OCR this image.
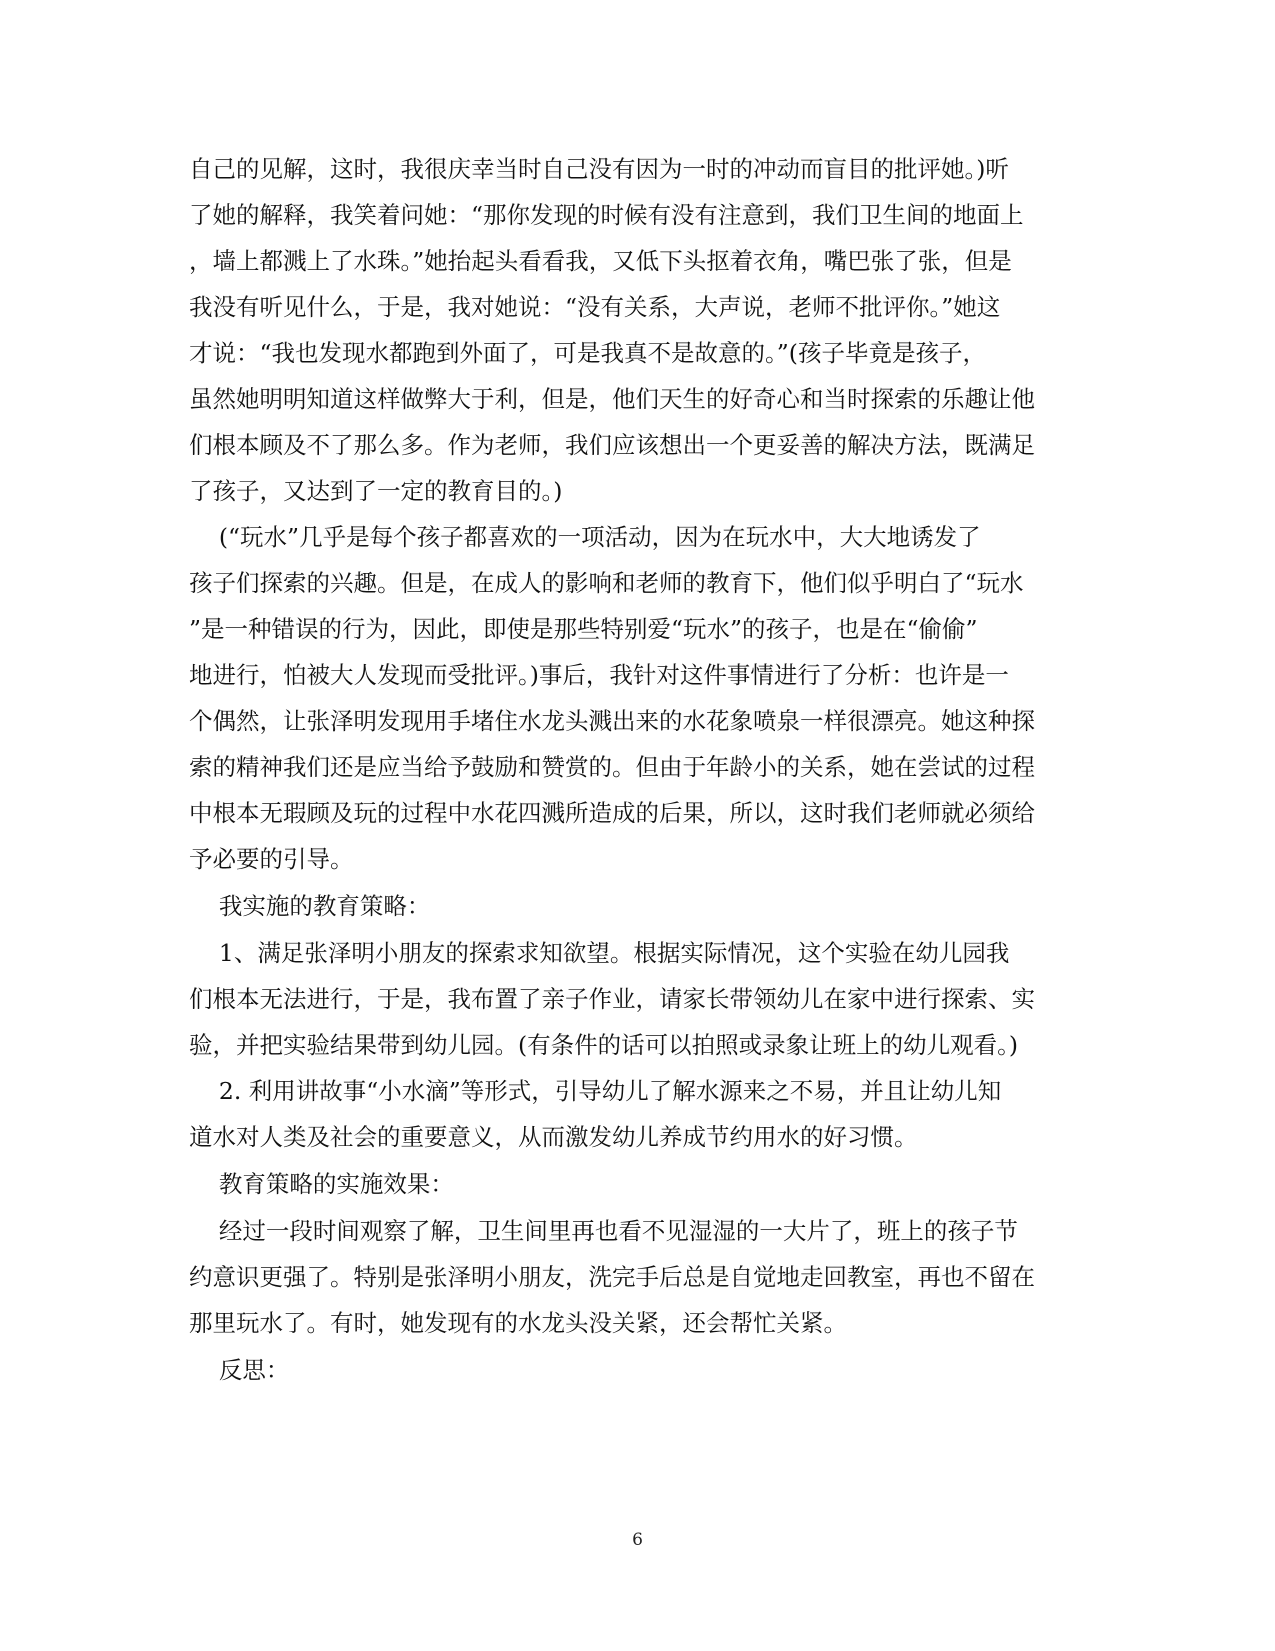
自己的见解，这时，我很庆幸当时自己没有因为一时的冲动而盲目的批评她。)听
了她的解释，我笑着问她：“那你发现的时候有没有注意到，我们卫生间的地面上
，墙上都溅上了水珠。”她抬起头看看我，又低下头抠着衣角，嘴巴张了张，但是
我没有听见什么，于是，我对她说：“没有关系，大声说，老师不批评你。”她这
才说：“我也发现水都跑到外面了，可是我真不是故意的。”(孩子毕竟是孩子，
虽然她明明知道这样做弊大于利，但是，他们天生的好奇心和当时探索的乐趣让他
们根本顾及不了那么多。作为老师，我们应该想出一个更妥善的解决方法，既满足
了孩子，又达到了一定的教育目的。)
(“玩水”几乎是每个孩子都喜欢的一项活动，因为在玩水中，大大地诱发了
孩子们探索的兴趣。但是，在成人的影响和老师的教育下，他们似乎明白了“玩水
”是一种错误的行为，因此，即使是那些特别爱“玩水”的孩子，也是在“偷偷”
地进行，怕被大人发现而受批评。)事后，我针对这件事情进行了分析：也许是一
个偶然，让张泽明发现用手堵住水龙头溅出来的水花象喷泉一样很漂亮。她这种探
索的精神我们还是应当给予鼓励和赞赏的。但由于年龄小的关系，她在尝试的过程
中根本无瑕顾及玩的过程中水花四溅所造成的后果，所以，这时我们老师就必须给
予必要的引导。
我实施的教育策略：
1、满足张泽明小朋友的探索求知欲望。根据实际情况，这个实验在幼儿园我
们根本无法进行，于是，我布置了亲子作业，请家长带领幼儿在家中进行探索、实
验，并把实验结果带到幼儿园。(有条件的话可以拍照或录象让班上的幼儿观看。)
2. 利用讲故事“小水滴”等形式，引导幼儿了解水源来之不易，并且让幼儿知
道水对人类及社会的重要意义，从而激发幼儿养成节约用水的好习惯。
教育策略的实施效果：
经过一段时间观察了解，卫生间里再也看不见湿湿的一大片了，班上的孩子节
约意识更强了。特别是张泽明小朋友，洗完手后总是自觉地走回教室，再也不留在
那里玩水了。有时，她发现有的水龙头没关紧，还会帮忙关紧。
反思：
6
